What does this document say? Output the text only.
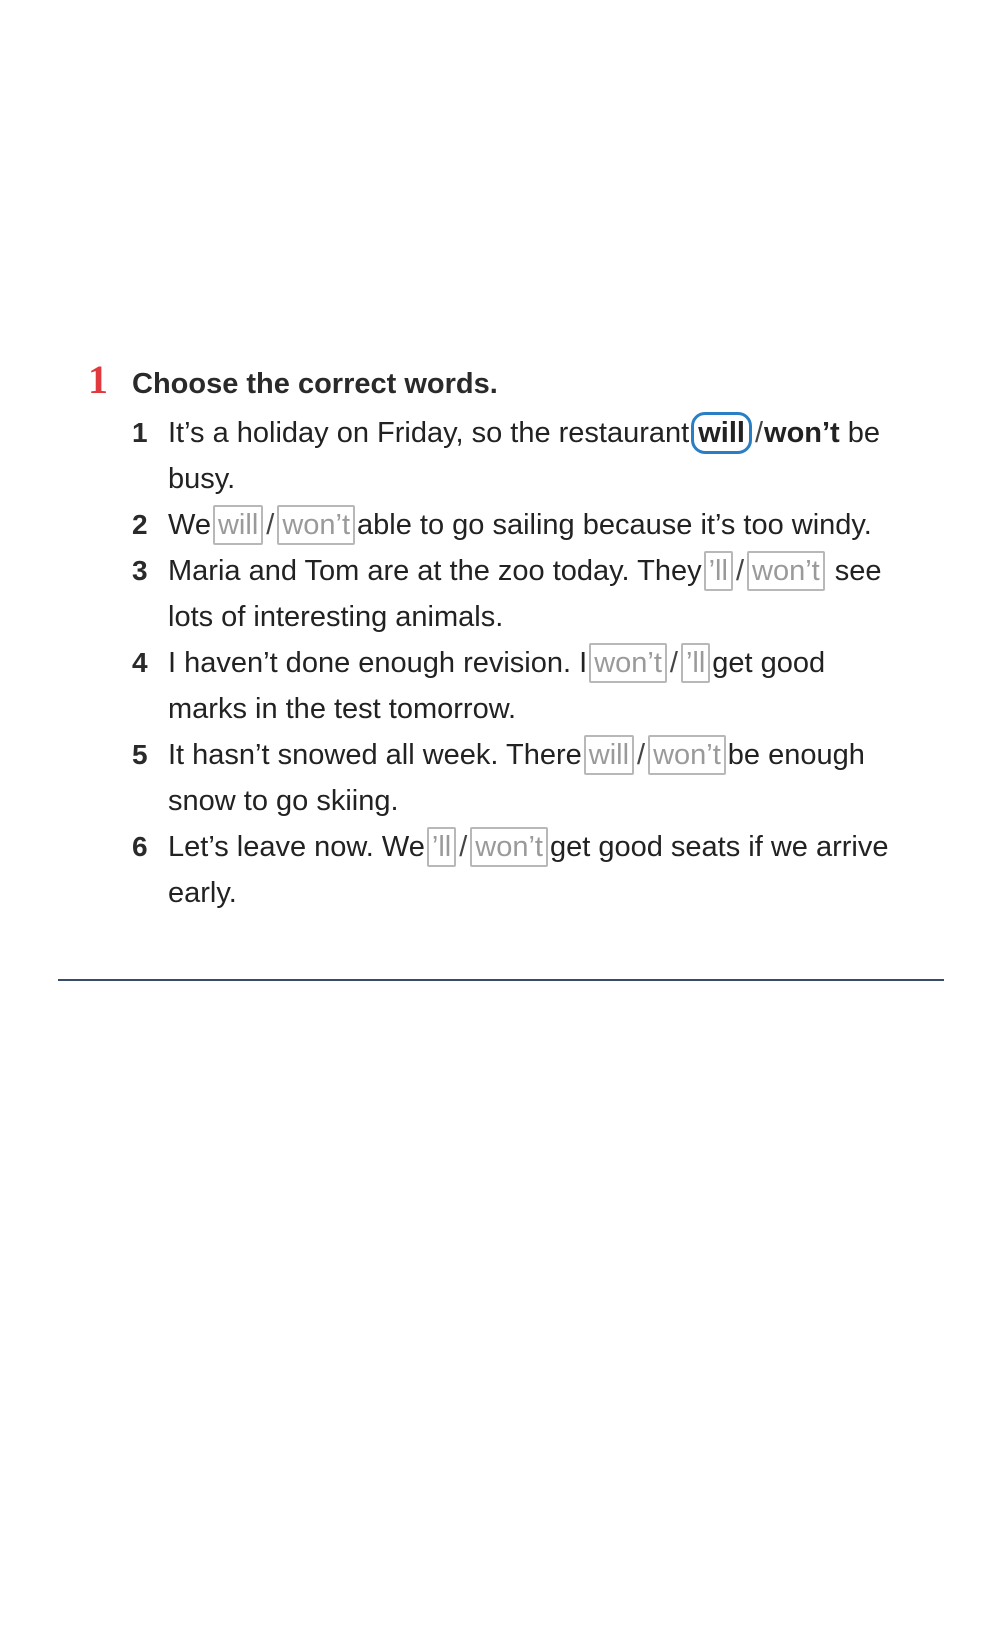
1 Choose the correct words.
1 It’s a holiday on Friday, so the restaurant will /won’t be busy.
2 We will / won’t able to go sailing because it’s too windy.
3 Maria and Tom are at the zoo today. They ’ll / won’t see lots of interesting animals.
4 I haven’t done enough revision. I won’t / ’ll get good marks in the test tomorrow.
5 It hasn’t snowed all week. There will / won’t be enough snow to go skiing.
6 Let’s leave now. We ’ll / won’t get good seats if we arrive early.
